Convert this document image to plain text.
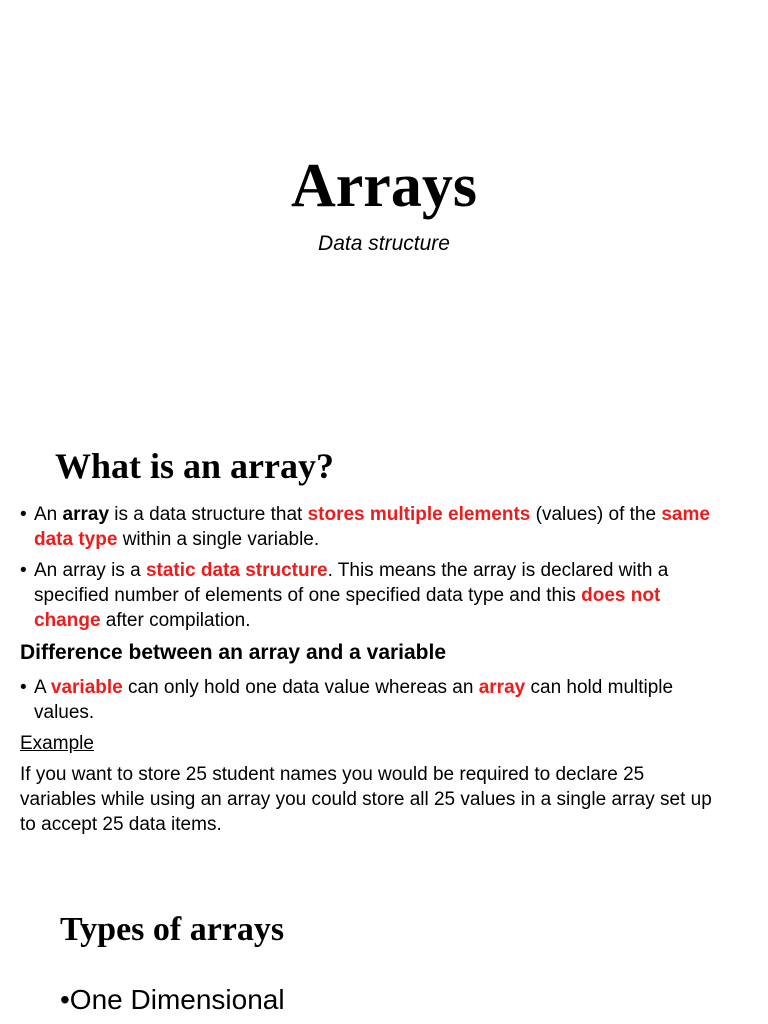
Arrays

Data structure

What is an array?

• An array is a data structure that stores multiple elements (values) of the same data type within a single variable.

• An array is a static data structure. This means the array is declared with a specified number of elements of one specified data type and this does not change after compilation.

Difference between an array and a variable

• A variable can only hold one data value whereas an array can hold multiple values.

Example

If you want to store 25 student names you would be required to declare 25 variables while using an array you could store all 25 values in a single array set up to accept 25 data items.

Types of arrays

•One Dimensional
